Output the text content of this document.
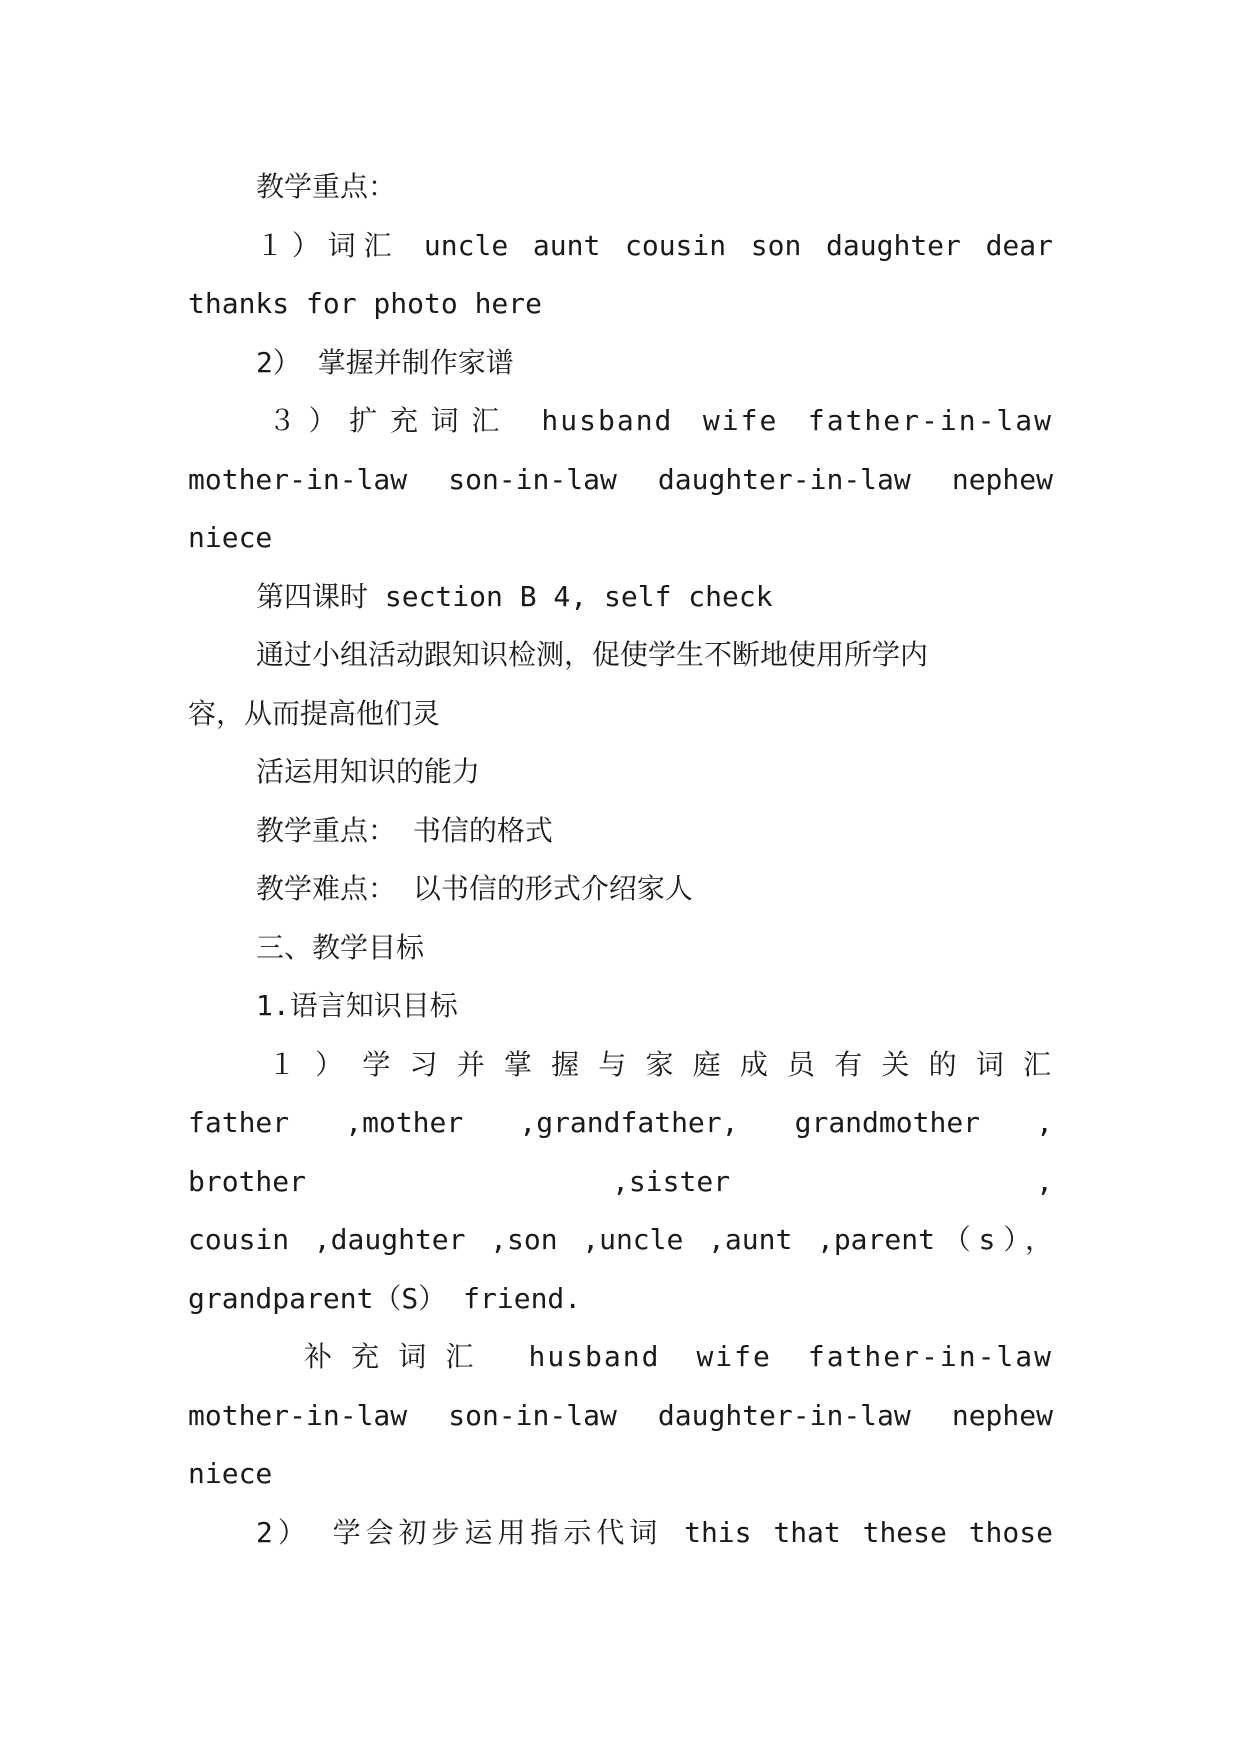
教学重点：
１）词汇 uncle aunt cousin son daughter dear
thanks for photo here
2） 掌握并制作家谱
３）扩充词汇 husband wife father-in-law
mother-in-law son-in-law daughter-in-law nephew
niece
第四课时 section B 4, self check
通过小组活动跟知识检测，促使学生不断地使用所学内
容，从而提高他们灵
活运用知识的能力
教学重点： 书信的格式
教学难点： 以书信的形式介绍家人
三、教学目标
1.语言知识目标
１）学习并掌握与家庭成员有关的词汇
father ,mother ,grandfather, grandmother ,
brother ,sister ,
cousin ,daughter ,son ,uncle ,aunt ,parent（s），
grandparent（S） friend.
补充词汇 husband wife father-in-law
mother-in-law son-in-law daughter-in-law nephew
niece
2） 学会初步运用指示代词 this that these those
